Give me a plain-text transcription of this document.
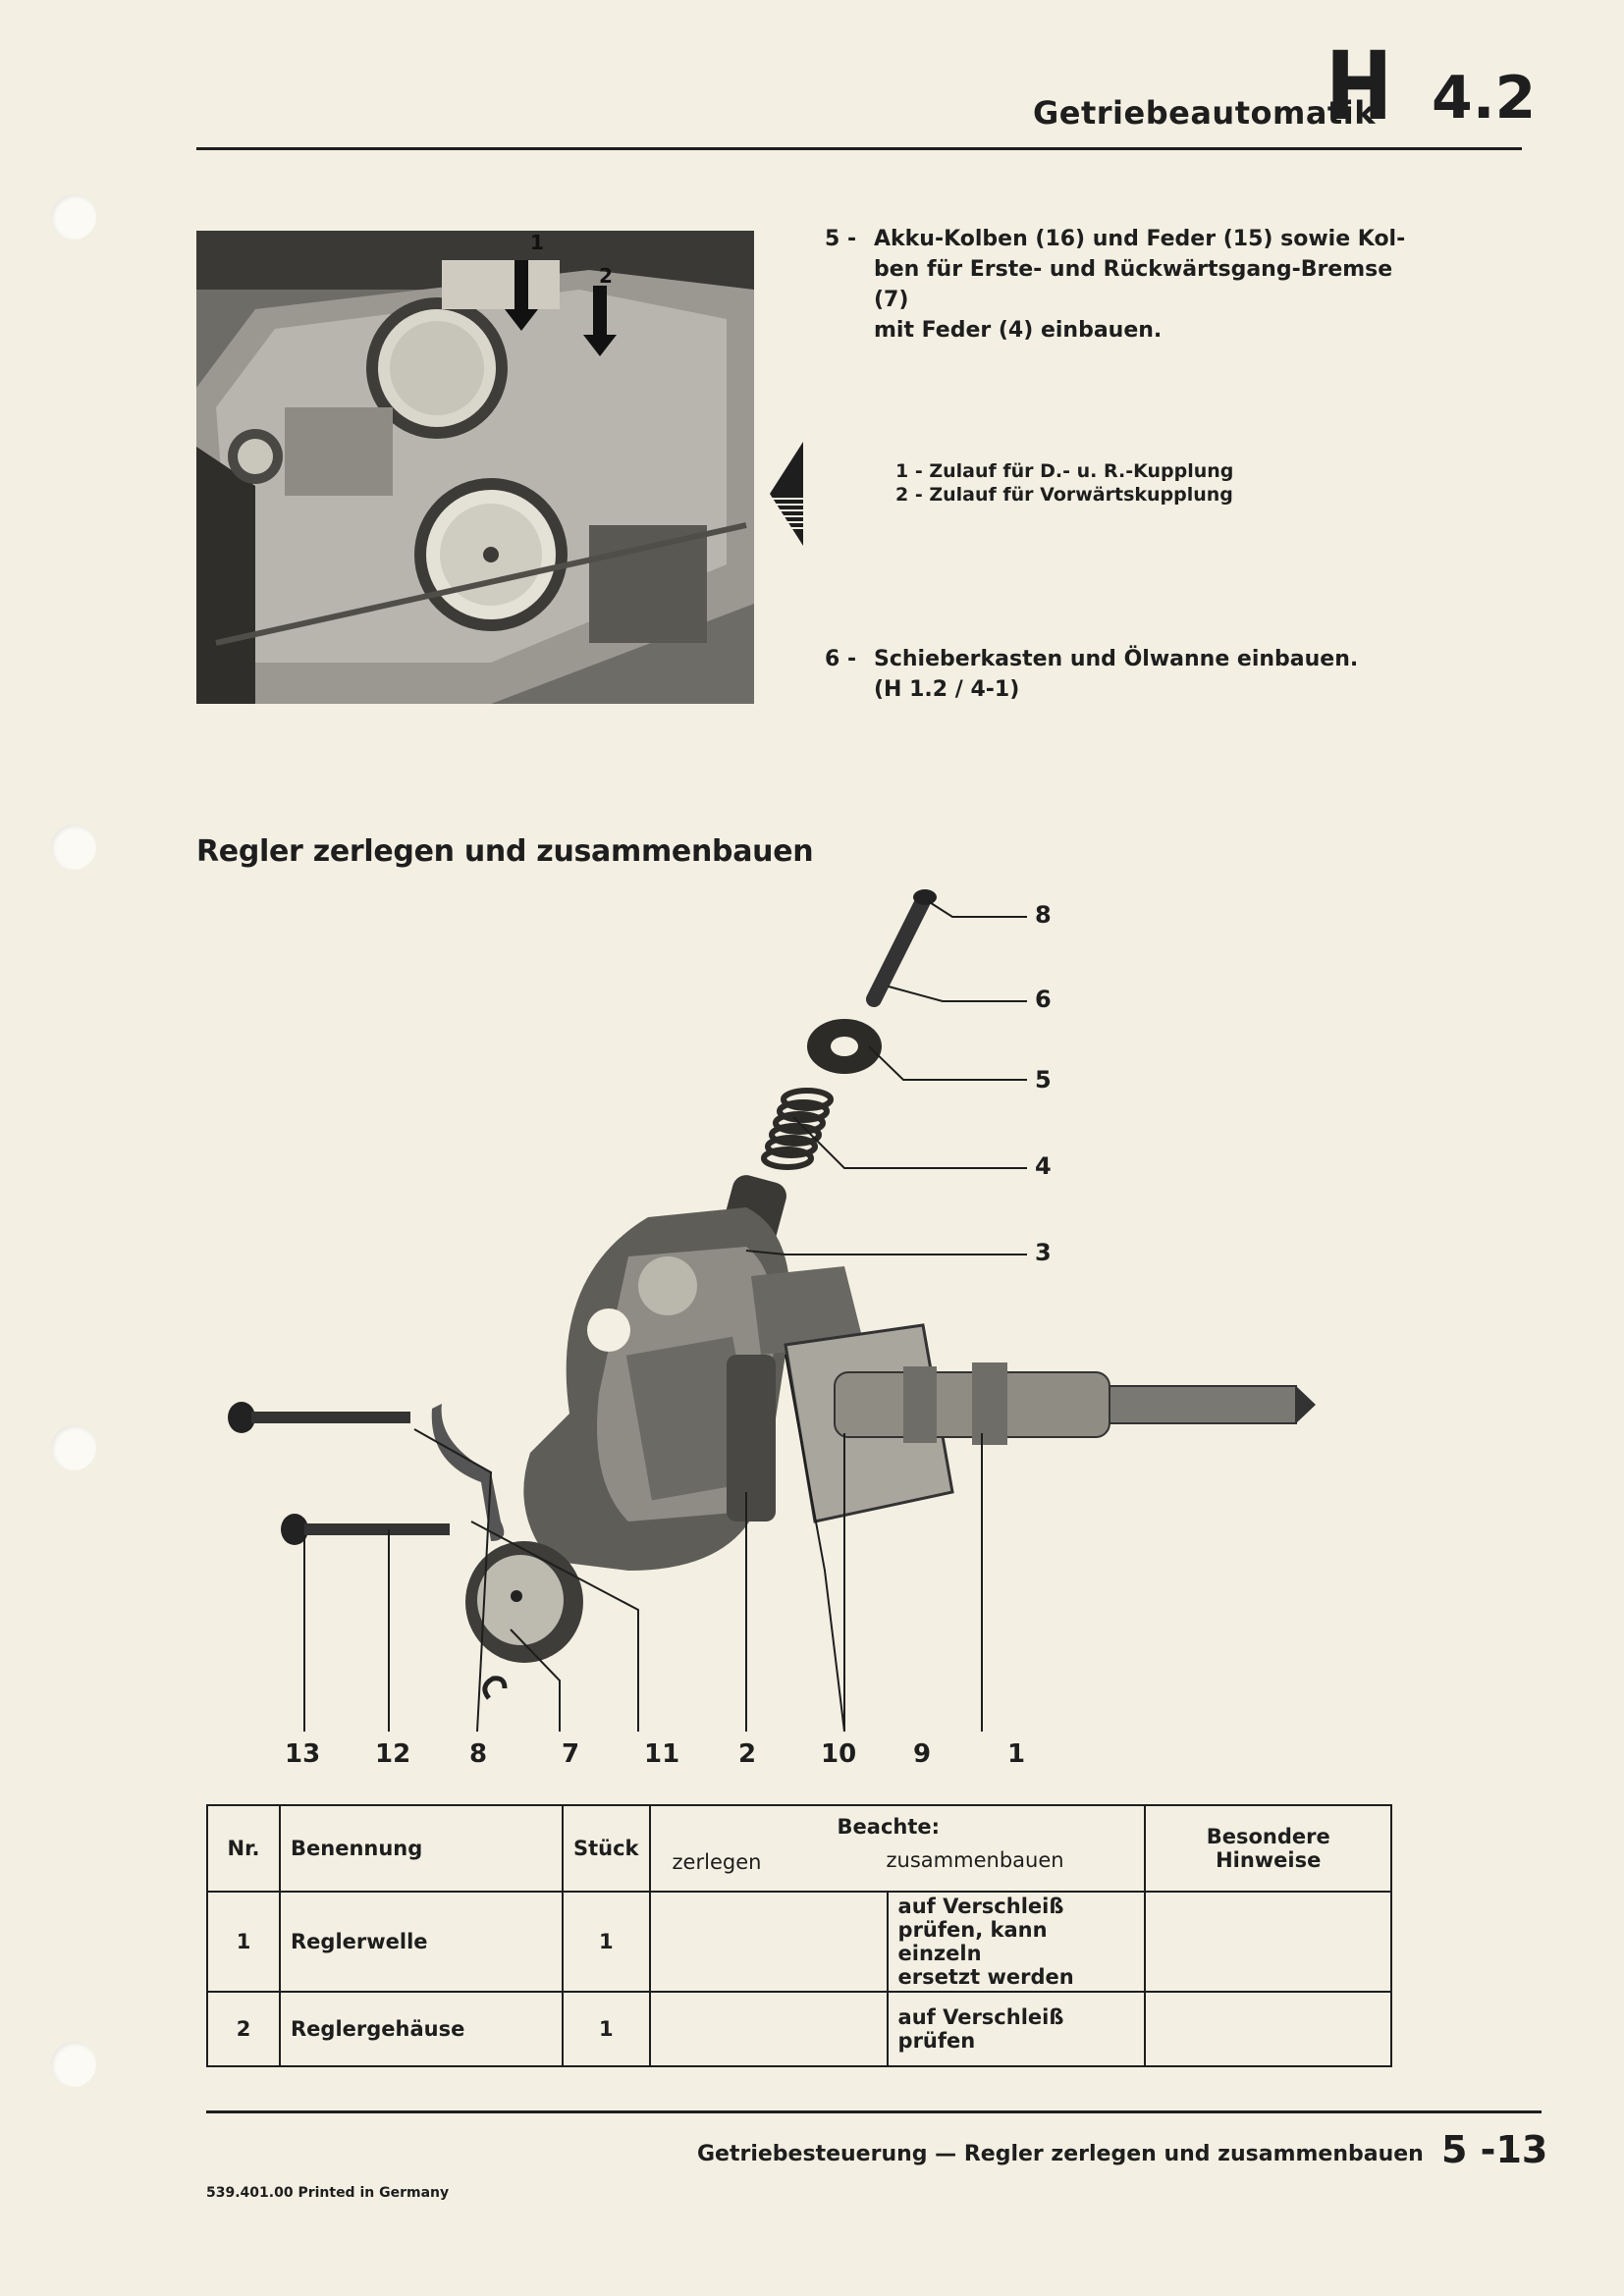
Getriebeautomatik
H 4.2
1
2
5 - Akku-Kolben (16) und Feder (15) sowie Kol-
ben für Erste- und Rückwärtsgang-Bremse (7)
mit Feder (4) einbauen.
1 - Zulauf für D.- u. R.-Kupplung
2 - Zulauf für Vorwärtskupplung
6 - Schieberkasten und Ölwanne einbauen.
(H 1.2 / 4-1)
Regler zerlegen und zusammenbauen
8
6
5
4
3
13 12 8	7	11 2	10 9	1
Nr.	Benennung	Stück	Beachte:
zerlegen zusammenbauen		Besondere Hinweise
1	Reglerwelle	1		auf Verschleiß
prüfen, kann einzeln
ersetzt werden	

2	Reglergehäuse	1		auf Verschleiß
prüfen	

Getriebesteuerung — Regler zerlegen und zusammenbauen 5 -13
539.401.00 Printed in Germany
